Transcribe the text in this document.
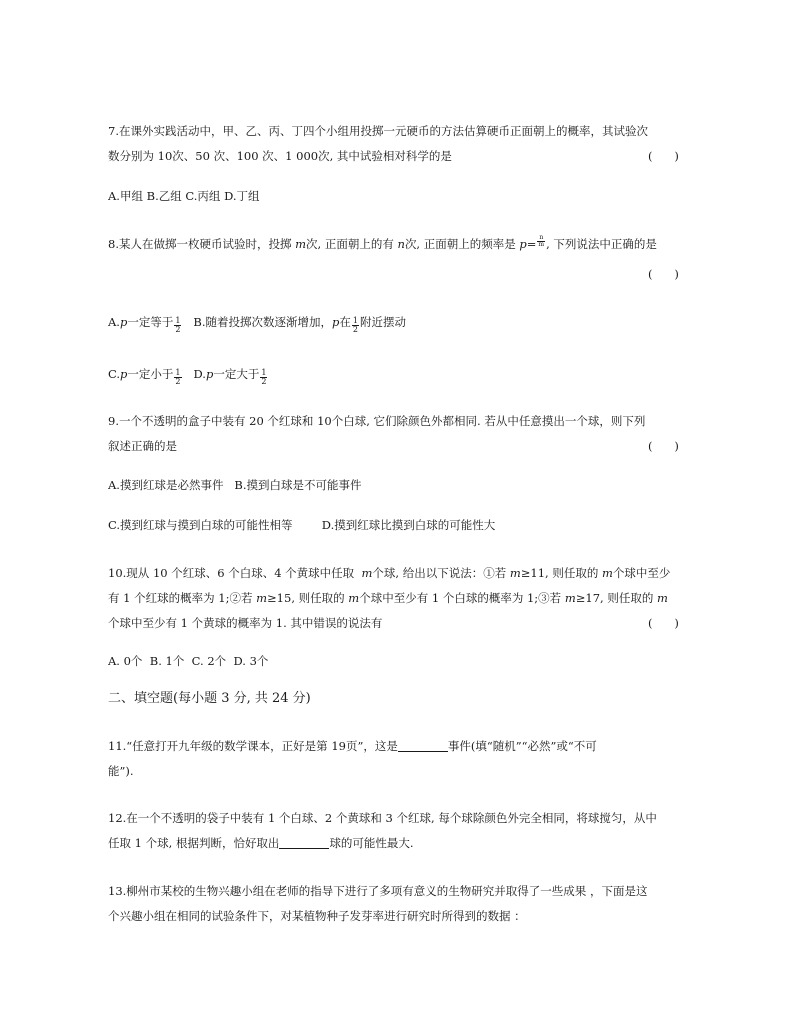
7.在课外实践活动中，甲、乙、丙、丁四个小组用投掷一元硬币的方法估算硬币正面朝上的概率，其试验次
数分别为 10次、50 次、100 次、1 000次, 其中试验相对科学的是	(      )
A.甲组 B.乙组 C.丙组 D.丁组
8.某人在做掷一枚硬币试验时，投掷 m次, 正面朝上的有 n次, 正面朝上的频率是 $p= \frac{n}{m}$ , 下列说法中正确的是
(      )
A.p一定等于 $\frac{1}{2} B$.随着投掷次数逐渐增加，p在 $\frac{1}{2}$ 附近摆动
C.p一定小于 $\frac{1}{2} D.p$一定大于 $\frac{1}{2}$
9.一个不透明的盒子中装有 20 个红球和 10个白球, 它们除颜色外都相同. 若从中任意摸出一个球，则下列
叙述正确的是	(      )
A.摸到红球是必然事件   B.摸到白球是不可能事件
C.摸到红球与摸到白球的可能性相等        D.摸到红球比摸到白球的可能性大
10.现从 10 个红球、6 个白球、4 个黄球中任取  m个球, 给出以下说法：①若 m≥11, 则任取的 m个球中至少
有 1 个红球的概率为 1;②若 m≥15, 则任取的 m个球中至少有 1 个白球的概率为 1;③若 m≥17, 则任取的 m
个球中至少有 1 个黄球的概率为 1. 其中错误的说法有	(      )
A. 0个  B. 1个  C. 2个  D. 3个
二、填空题(每小题 3 分, 共 24 分)
11.“任意打开九年级的数学课本，正好是第 19页”，这是	事件(填“随机”“必然”或“不可
能”).
12.在一个不透明的袋子中装有 1 个白球、2 个黄球和 3 个红球, 每个球除颜色外完全相同，将球搅匀，从中
任取 1 个球, 根据判断，恰好取出	球的可能性最大.
13.柳州市某校的生物兴趣小组在老师的指导下进行了多项有意义的生物研究并取得了一些成果 ，下面是这
个兴趣小组在相同的试验条件下，对某植物种子发芽率进行研究时所得到的数据 ：
